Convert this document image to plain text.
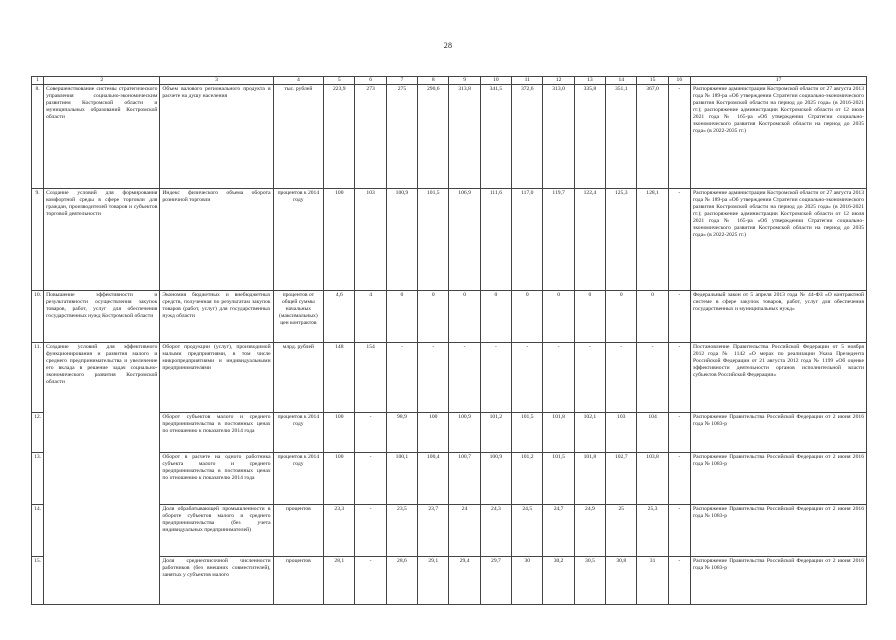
28
1	2	3	4	5	6	7	8	9	10	11	12	13	14	15	16	17
8.	Совершенствование системы стратегического управления социально-экономическим развитием Костромской области и муниципальных образований Костромской области	Объем валового регионального продукта в расчете на душу населения	тыс. рублей	223,9	273	275	290,6	313,8	341,5	372,6	313,0	335,8	351,1	367,0	-	Распоряжение администрации Костромской области от 27 августа 2013 года № 189-ра «Об утверждении Стратегии социально-экономического развития Костромской области на период до 2025 года» (в 2016-2021 гг.); распоряжение администрации Костромской области от 12 июля 2021 года № 165-ра «Об утверждении Стратегии социально-экономического развития Костромской области на период до 2035 года» (в 2022-2035 гг.)
9.	Создание условий для формирования комфортной среды в сфере торговли для граждан, производителей товаров и субъектов торговой деятельности	Индекс физического объема оборота розничной торговли	процентов к 2014 году	100	103	100,9	101,5	106,9	111,6	117,0	119,7	122,4	125,3	128,1	-	Распоряжение администрации Костромской области от 27 августа 2013 года № 189-ра «Об утверждении Стратегии социально-экономического развития Костромской области на период до 2025 года» (в 2016-2021 гг.); распоряжение администрации Костромской области от 12 июля 2021 года № 165-ра «Об утверждении Стратегии социально-экономического развития Костромской области на период до 2035 года» (в 2022-2025 гг.)
10.	Повышение эффективности и результативности осуществления закупок товаров, работ, услуг для обеспечения государственных нужд Костромской области	Экономия бюджетных и внебюджетных средств, полученная по результатам закупок товаров (работ, услуг) для государственных нужд области	процентов от общей суммы начальных (максимальных) цен контрактов	4,6	4	0	0	0	0	0	0	0	0	0	-	Федеральный закон от 5 апреля 2013 года № 44-ФЗ «О контрактной системе в сфере закупок товаров, работ, услуг для обеспечения государственных и муниципальных нужд»
11.	Создание условий для эффективного функционирования и развития малого и среднего предпринимательства и увеличение его вклада в решение задач социально-экономического развития Костромской области	Оборот продукции (услуг), производимой малыми предприятиями, в том числе микропредприятиями и индивидуальными предпринимателями	млрд. рублей	148	154	-	-	-	-	-	-	-	-	-	-	Постановление Правительства Российской Федерации от 5 ноября 2012 года № 1142 «О мерах по реализации Указа Президента Российской Федерации от 21 августа 2012 года № 1199 «Об оценке эффективности деятельности органов исполнительной власти субъектов Российской Федерации»
12.		Оборот субъектов малого и среднего предпринимательства в постоянных ценах по отношению к показателю 2014 года	процентов к 2014 году	100	-	98,9	100	100,9	101,2	101,5	101,8	102,1	103	104	-	Распоряжение Правительства Российской Федерации от 2 июня 2016 года № 1083-р
13.		Оборот в расчете на одного работника субъекта малого и среднего предпринимательства в постоянных ценах по отношению к показателю 2014 года	процентов к 2014 году	100	-	100,1	100,4	100,7	100,9	101,2	101,5	101,8	102,7	103,8	-	Распоряжение Правительства Российской Федерации от 2 июня 2016 года № 1083-р
14.		Доля обрабатывающей промышленности в обороте субъектов малого и среднего предпринимательства (без учета индивидуальных предпринимателей)	процентов	23,3	-	23,5	23,7	24	24,3	24,5	24,7	24,9	25	25,3	-	Распоряжение Правительства Российской Федерации от 2 июня 2016 года № 1083-р
15.		Доля среднесписочной численности работников (без внешних совместителей), занятых у субъектов малого	процентов	28,1	-	28,6	29,1	29,4	29,7	30	30,2	30,5	30,8	31	-	Распоряжение Правительства Российской Федерации от 2 июня 2016 года № 1083-р
